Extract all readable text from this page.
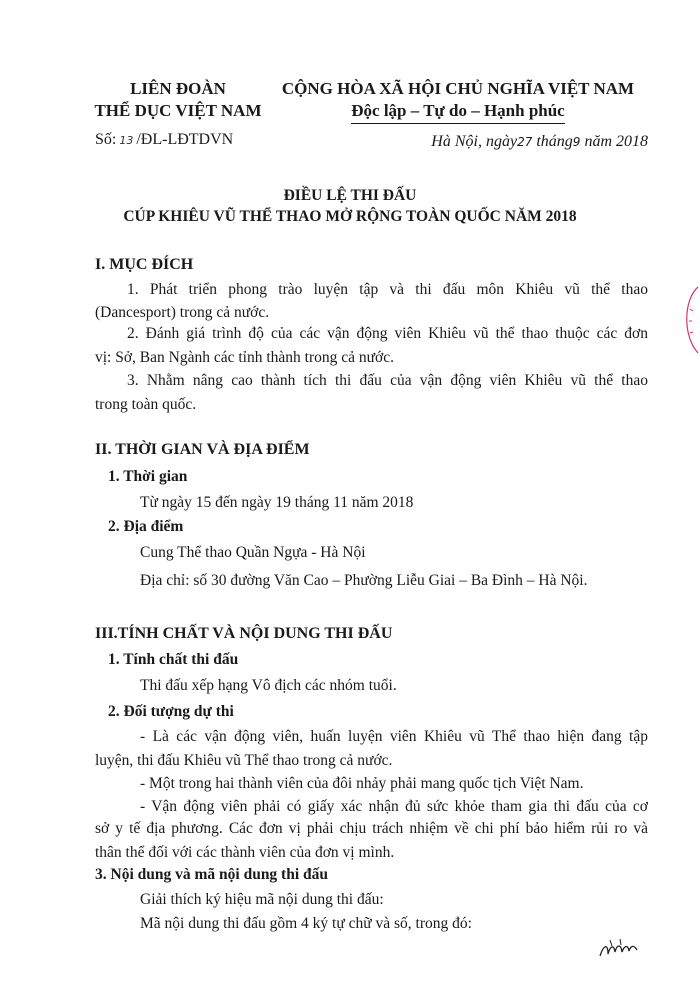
LIÊN ĐOÀN
THỂ DỤC VIỆT NAM
CỘNG HÒA XÃ HỘI CHỦ NGHĨA VIỆT NAM
Độc lập – Tự do – Hạnh phúc
Số: 13 /ĐL-LĐTDVN	Hà Nội, ngày27 tháng9 năm 2018
ĐIỀU LỆ THI ĐẤU
CÚP KHIÊU VŨ THỂ THAO MỞ RỘNG TOÀN QUỐC NĂM 2018
I. MỤC ĐÍCH
1. Phát triển phong trào luyện tập và thi đấu môn Khiêu vũ thể thao
(Dancesport) trong cả nước.
2. Đánh giá trình độ của các vận động viên Khiêu vũ thể thao thuộc các đơn
vị: Sở, Ban Ngành các tỉnh thành trong cả nước.
3. Nhằm nâng cao thành tích thi đấu của vận động viên Khiêu vũ thể thao
trong toàn quốc.
II. THỜI GIAN VÀ ĐỊA ĐIỂM
1. Thời gian
Từ ngày 15 đến ngày 19 tháng 11 năm 2018
2. Địa điểm
Cung Thể thao Quần Ngựa - Hà Nội
Địa chỉ: số 30 đường Văn Cao – Phường Liễu Giai – Ba Đình – Hà Nội.
III.TÍNH CHẤT VÀ NỘI DUNG THI ĐẤU
1. Tính chất thi đấu
Thi đấu xếp hạng Vô địch các nhóm tuổi.
2. Đối tượng dự thi
- Là các vận động viên, huấn luyện viên Khiêu vũ Thể thao hiện đang tập
luyện, thi đấu Khiêu vũ Thể thao trong cả nước.
- Một trong hai thành viên của đôi nhảy phải mang quốc tịch Việt Nam.
- Vận động viên phải có giấy xác nhận đủ sức khỏe tham gia thi đấu của cơ
sở y tế địa phương. Các đơn vị phải chịu trách nhiệm về chi phí bảo hiểm rủi ro và
thân thể đối với các thành viên của đơn vị mình.
3. Nội dung và mã nội dung thi đấu
Giải thích ký hiệu mã nội dung thi đấu:
Mã nội dung thi đấu gồm 4 ký tự chữ và số, trong đó:
